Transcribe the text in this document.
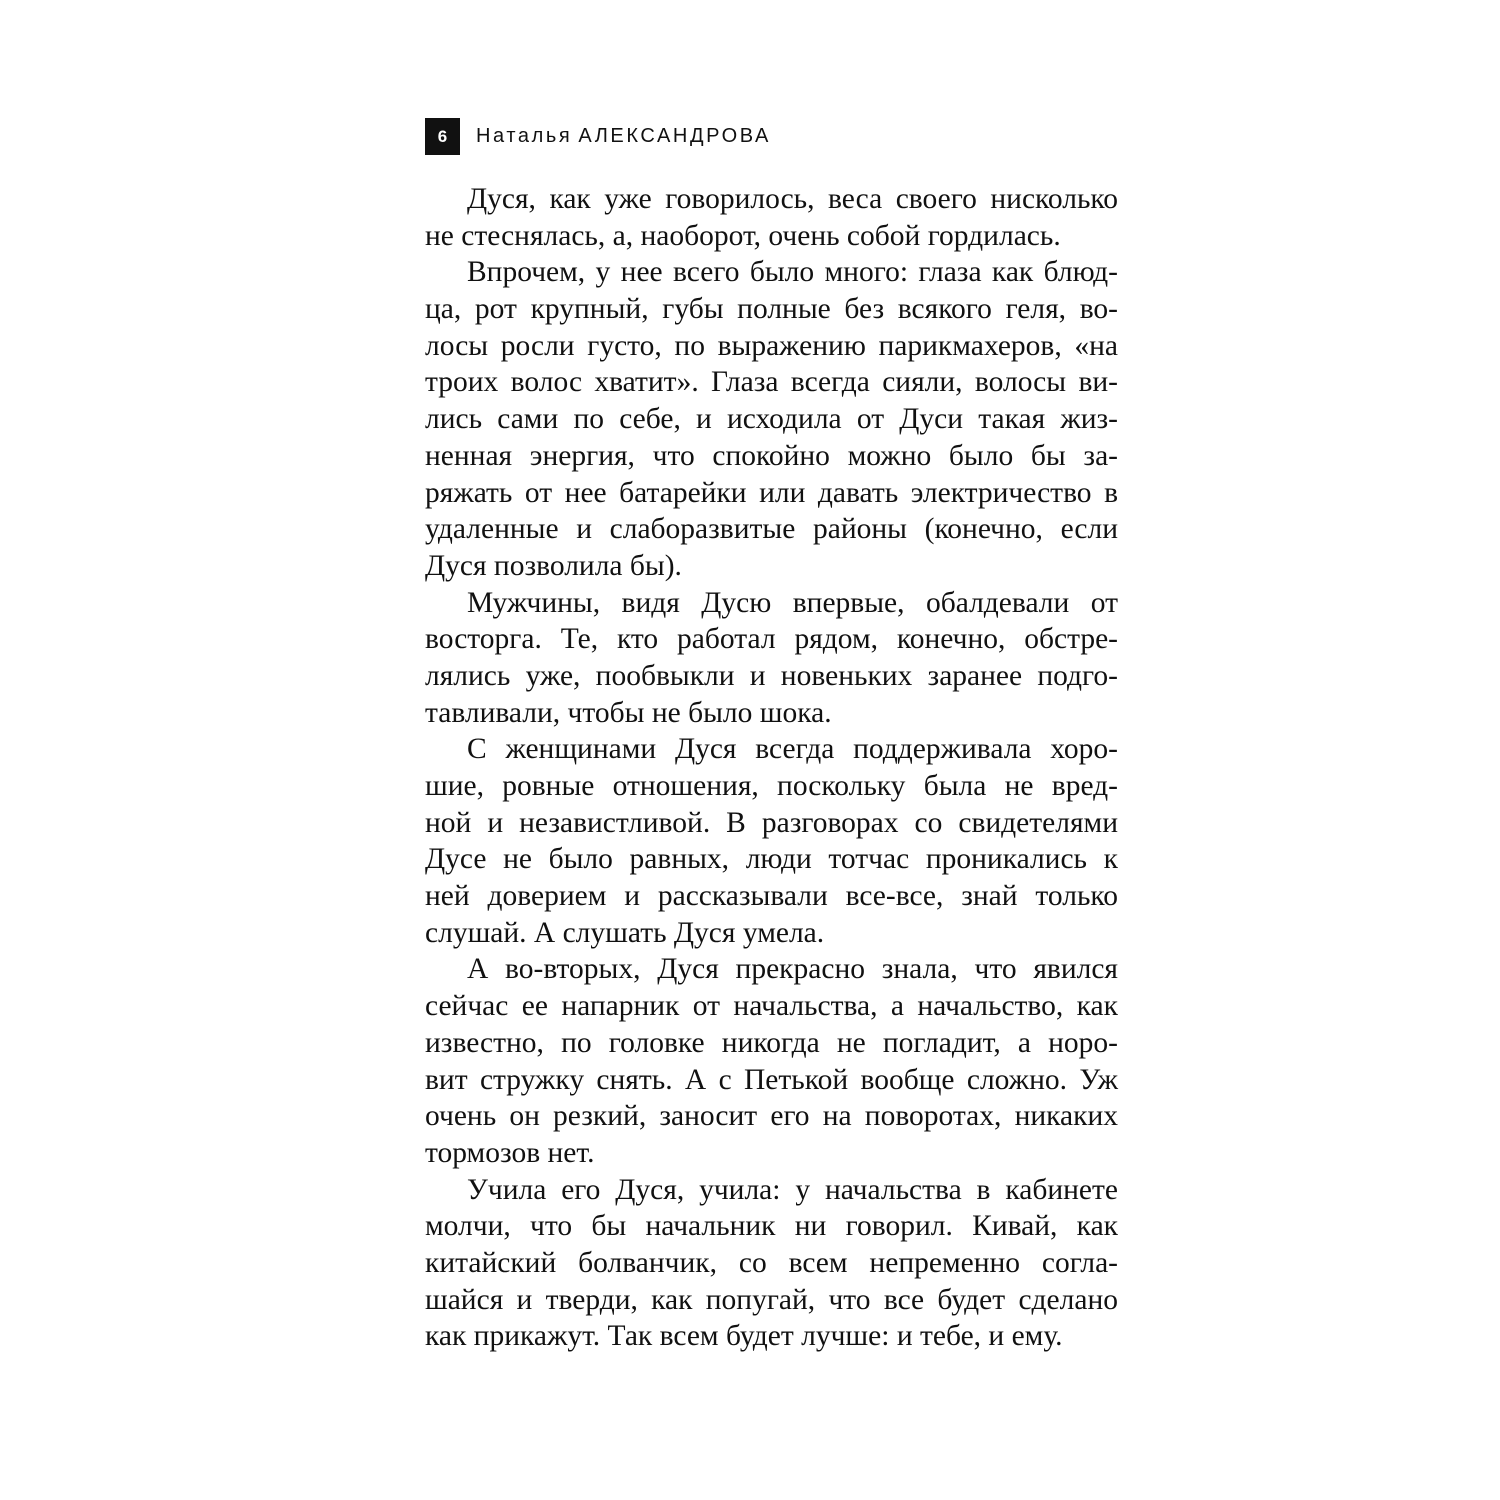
6	Наталья АЛЕКСАНДРОВА
Дуся, как уже говорилось, веса своего нисколько
не стеснялась, а, наоборот, очень собой гордилась.
Впрочем, у нее всего было много: глаза как блюд-
ца, рот крупный, губы полные без всякого геля, во-
лосы росли густо, по выражению парикмахеров, «на
троих волос хватит». Глаза всегда сияли, волосы ви-
лись сами по себе, и исходила от Дуси такая жиз-
ненная энергия, что спокойно можно было бы за-
ряжать от нее батарейки или давать электричество в
удаленные и слаборазвитые районы (конечно, если
Дуся позволила бы).
Мужчины, видя Дусю впервые, обалдевали от
восторга. Те, кто работал рядом, конечно, обстре-
лялись уже, пообвыкли и новеньких заранее подго-
тавливали, чтобы не было шока.
С женщинами Дуся всегда поддерживала хоро-
шие, ровные отношения, поскольку была не вред-
ной и независтливой. В разговорах со свидетелями
Дусе не было равных, люди тотчас проникались к
ней доверием и рассказывали все-все, знай только
слушай. А слушать Дуся умела.
А во-вторых, Дуся прекрасно знала, что явился
сейчас ее напарник от начальства, а начальство, как
известно, по головке никогда не погладит, а норо-
вит стружку снять. А с Петькой вообще сложно. Уж
очень он резкий, заносит его на поворотах, никаких
тормозов нет.
Учила его Дуся, учила: у начальства в кабинете
молчи, что бы начальник ни говорил. Кивай, как
китайский болванчик, со всем непременно согла-
шайся и тверди, как попугай, что все будет сделано
как прикажут. Так всем будет лучше: и тебе, и ему.
